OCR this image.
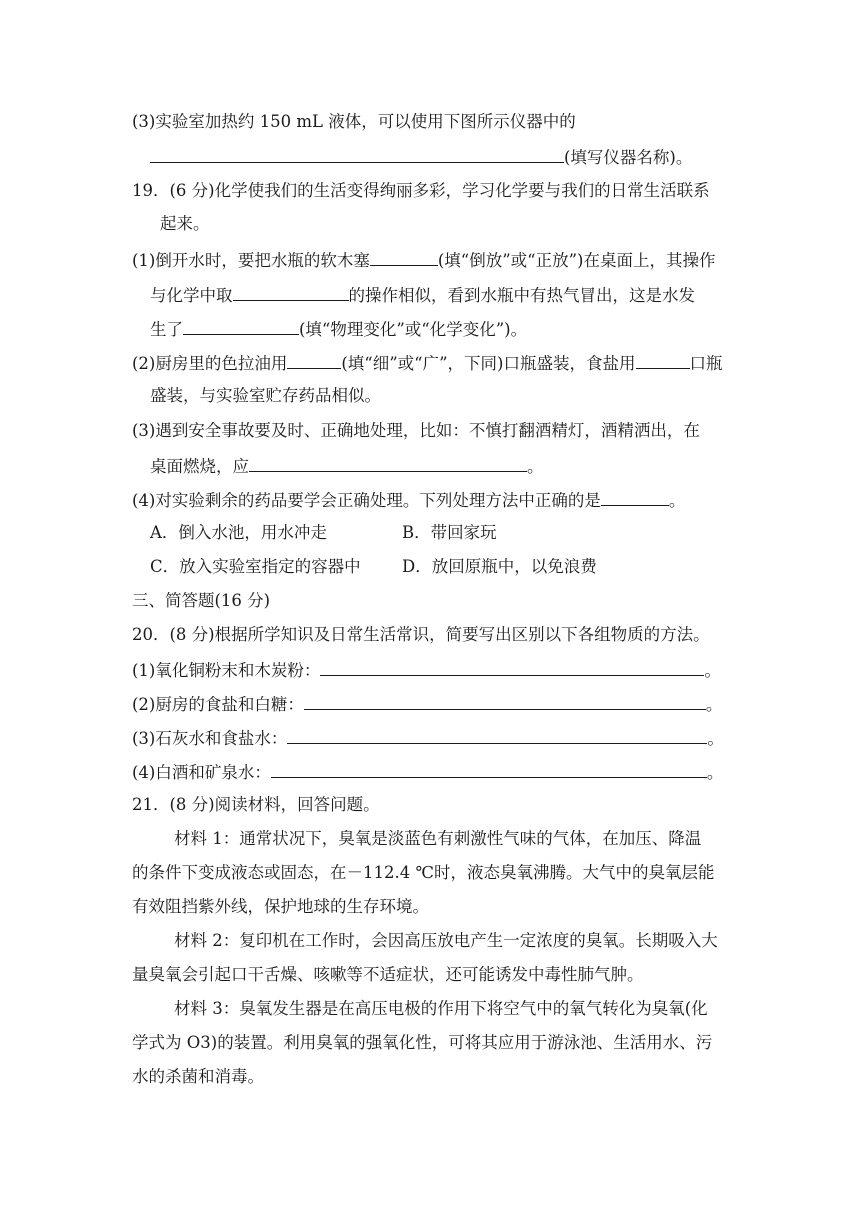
(3)实验室加热约 150 mL 液体，可以使用下图所示仪器中的
(填写仪器名称)。
19．(6 分)化学使我们的生活变得绚丽多彩，学习化学要与我们的日常生活联系
起来。
(1)倒开水时，要把水瓶的软木塞	(填“倒放”或“正放”)在桌面上，其操作
与化学中取	的操作相似，看到水瓶中有热气冒出，这是水发
生了	(填“物理变化”或“化学变化”)。
(2)厨房里的色拉油用	(填“细”或“广”，下同)口瓶盛装，食盐用	口瓶
盛装，与实验室贮存药品相似。
(3)遇到安全事故要及时、正确地处理，比如：不慎打翻酒精灯，酒精洒出，在
桌面燃烧，应	。
(4)对实验剩余的药品要学会正确处理。下列处理方法中正确的是	。
A．倒入水池，用水冲走	B．带回家玩
C．放入实验室指定的容器中	D．放回原瓶中，以免浪费
三、简答题(16 分)
20．(8 分)根据所学知识及日常生活常识，简要写出区别以下各组物质的方法。
(1)氧化铜粉末和木炭粉：	。
(2)厨房的食盐和白糖：	。
(3)石灰水和食盐水：	。
(4)白酒和矿泉水：	。
21．(8 分)阅读材料，回答问题。
材料 1：通常状况下，臭氧是淡蓝色有刺激性气味的气体，在加压、降温
的条件下变成液态或固态，在－112.4 ℃时，液态臭氧沸腾。大气中的臭氧层能
有效阻挡紫外线，保护地球的生存环境。
材料 2：复印机在工作时，会因高压放电产生一定浓度的臭氧。长期吸入大
量臭氧会引起口干舌燥、咳嗽等不适症状，还可能诱发中毒性肺气肿。
材料 3：臭氧发生器是在高压电极的作用下将空气中的氧气转化为臭氧(化
学式为 O3)的装置。利用臭氧的强氧化性，可将其应用于游泳池、生活用水、污
水的杀菌和消毒。
